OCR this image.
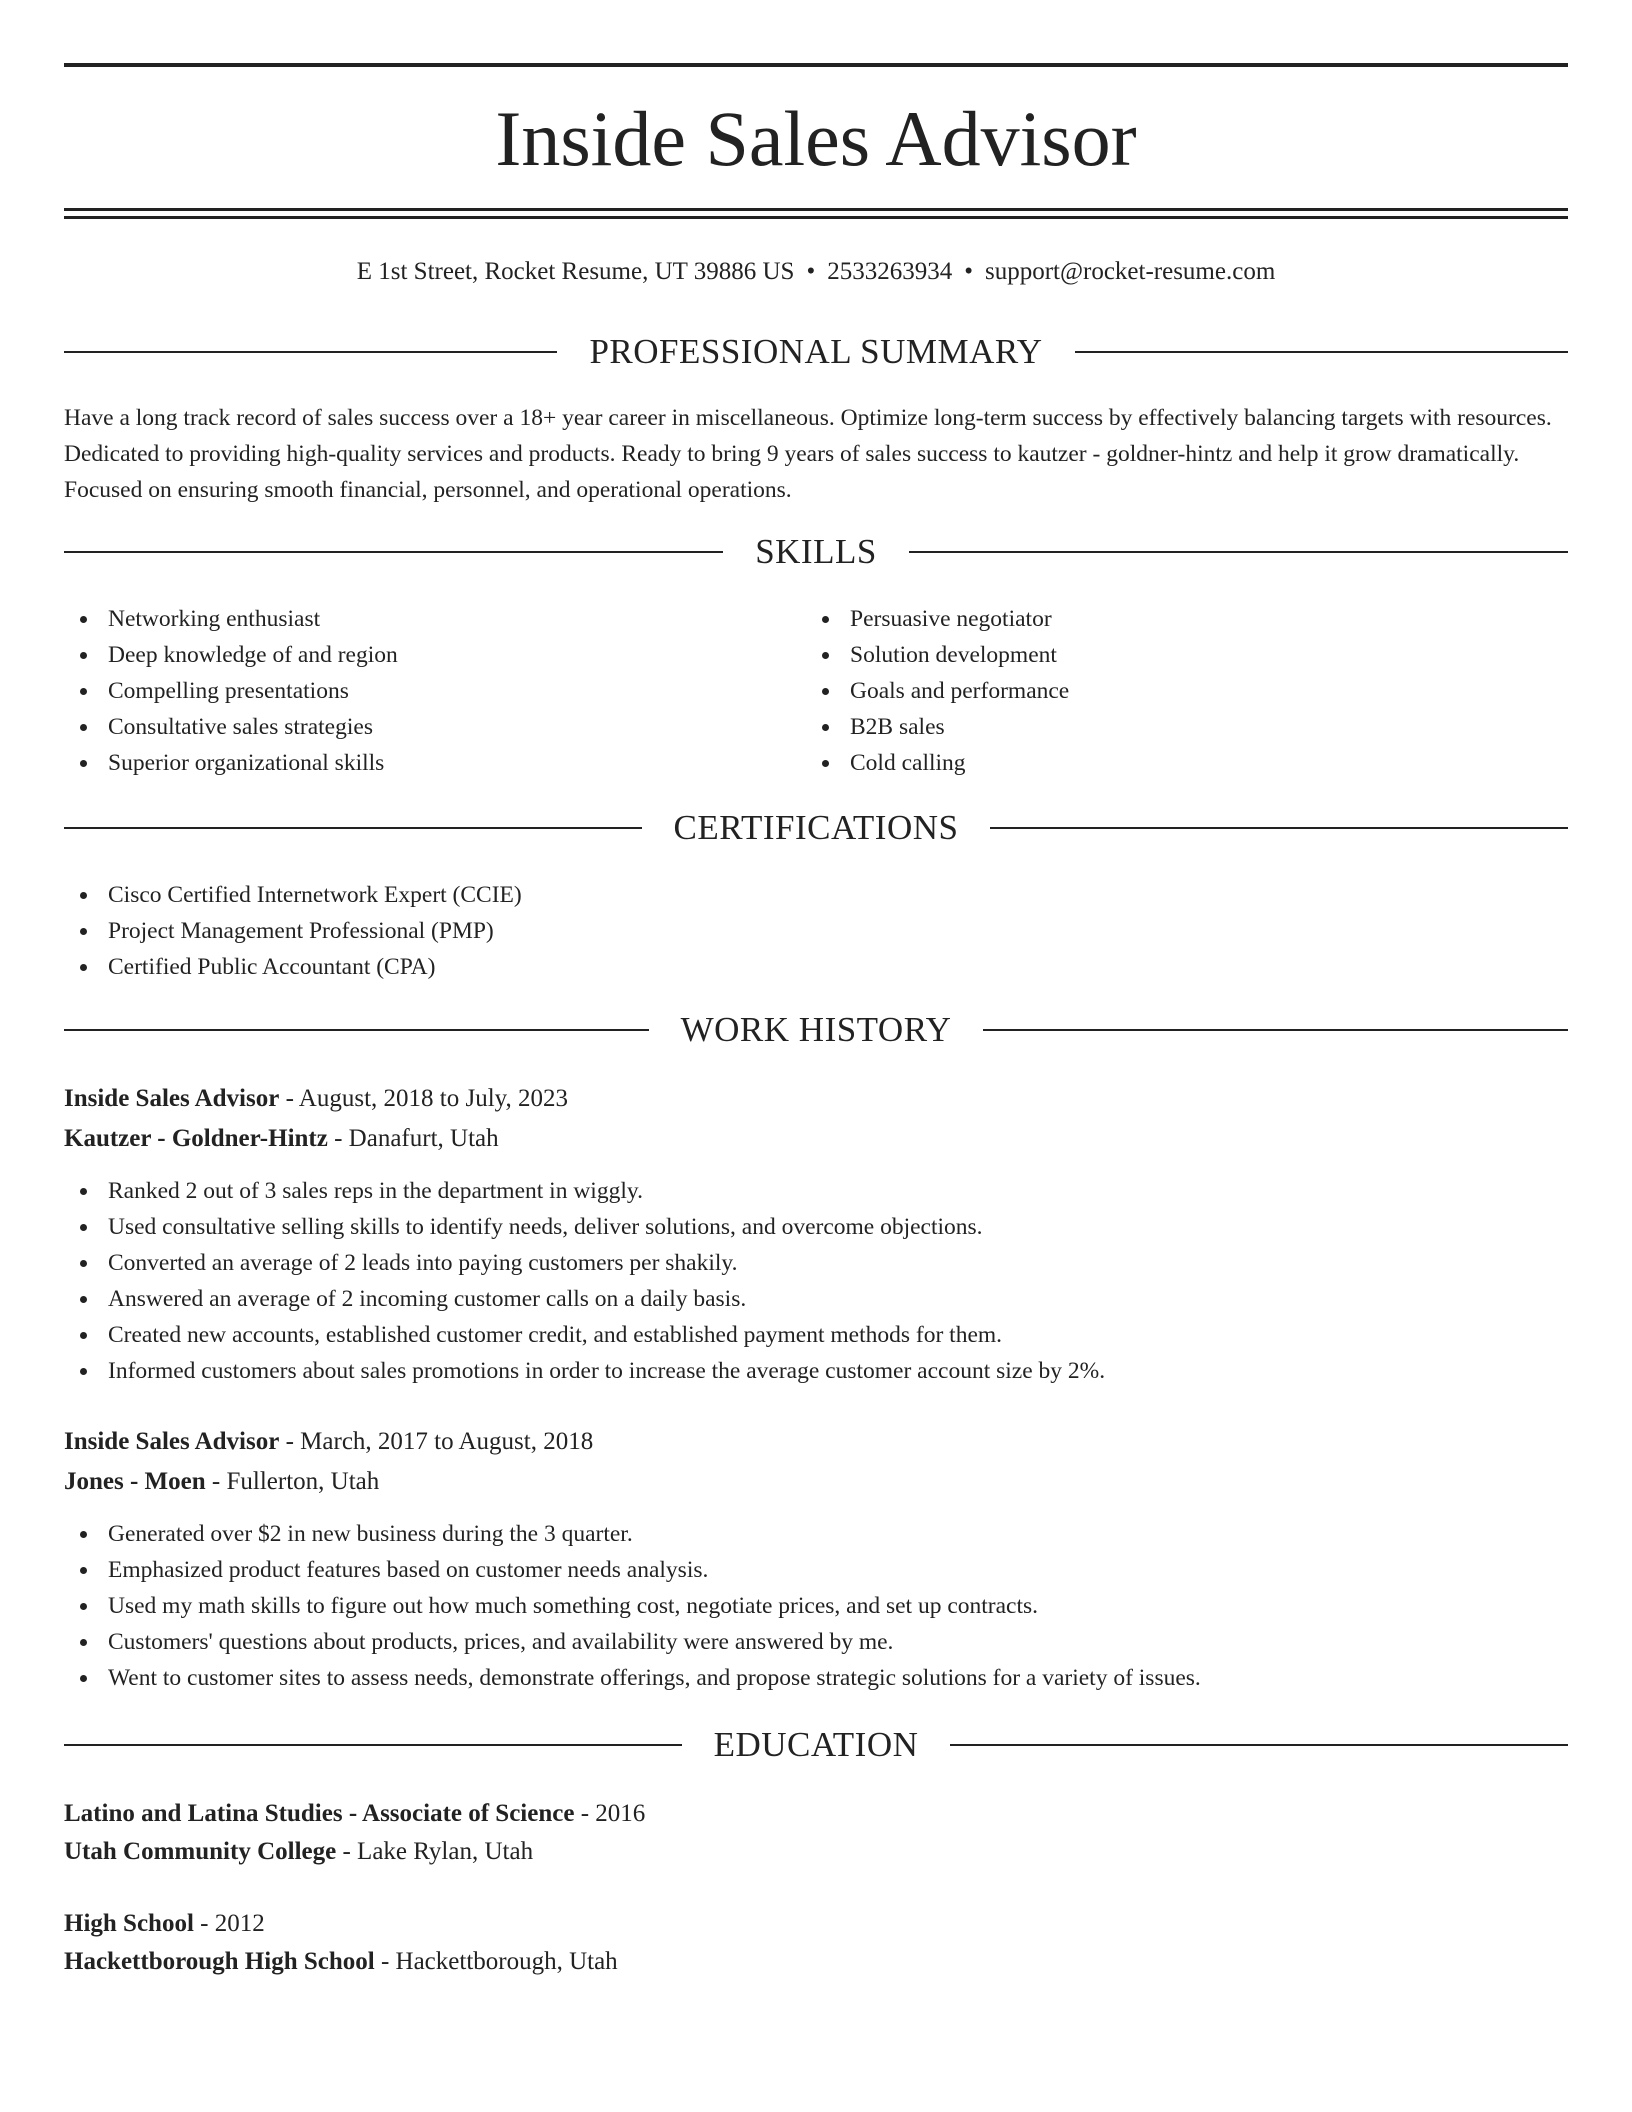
Inside Sales Advisor
E 1st Street, Rocket Resume, UT 39886 US • 2533263934 • support@rocket-resume.com
PROFESSIONAL SUMMARY

Have a long track record of sales success over a 18+ year career in miscellaneous. Optimize long-term success by effectively balancing targets with resources. Dedicated to providing high-quality services and products. Ready to bring 9 years of sales success to kautzer - goldner-hintz and help it grow dramatically. Focused on ensuring smooth financial, personnel, and operational operations.

SKILLS
Networking enthusiast
Deep knowledge of and region
Compelling presentations
Consultative sales strategies
Superior organizational skills
Persuasive negotiator
Solution development
Goals and performance
B2B sales
Cold calling
CERTIFICATIONS
Cisco Certified Internetwork Expert (CCIE)
Project Management Professional (PMP)
Certified Public Accountant (CPA)
WORK HISTORY
Inside Sales Advisor - August, 2018 to July, 2023
Kautzer - Goldner-Hintz - Danafurt, Utah
Ranked 2 out of 3 sales reps in the department in wiggly.
Used consultative selling skills to identify needs, deliver solutions, and overcome objections.
Converted an average of 2 leads into paying customers per shakily.
Answered an average of 2 incoming customer calls on a daily basis.
Created new accounts, established customer credit, and established payment methods for them.
Informed customers about sales promotions in order to increase the average customer account size by 2%.
Inside Sales Advisor - March, 2017 to August, 2018
Jones - Moen - Fullerton, Utah
Generated over $2 in new business during the 3 quarter.
Emphasized product features based on customer needs analysis.
Used my math skills to figure out how much something cost, negotiate prices, and set up contracts.
Customers' questions about products, prices, and availability were answered by me.
Went to customer sites to assess needs, demonstrate offerings, and propose strategic solutions for a variety of issues.
EDUCATION
Latino and Latina Studies - Associate of Science - 2016
Utah Community College - Lake Rylan, Utah
High School - 2012
Hackettborough High School - Hackettborough, Utah
